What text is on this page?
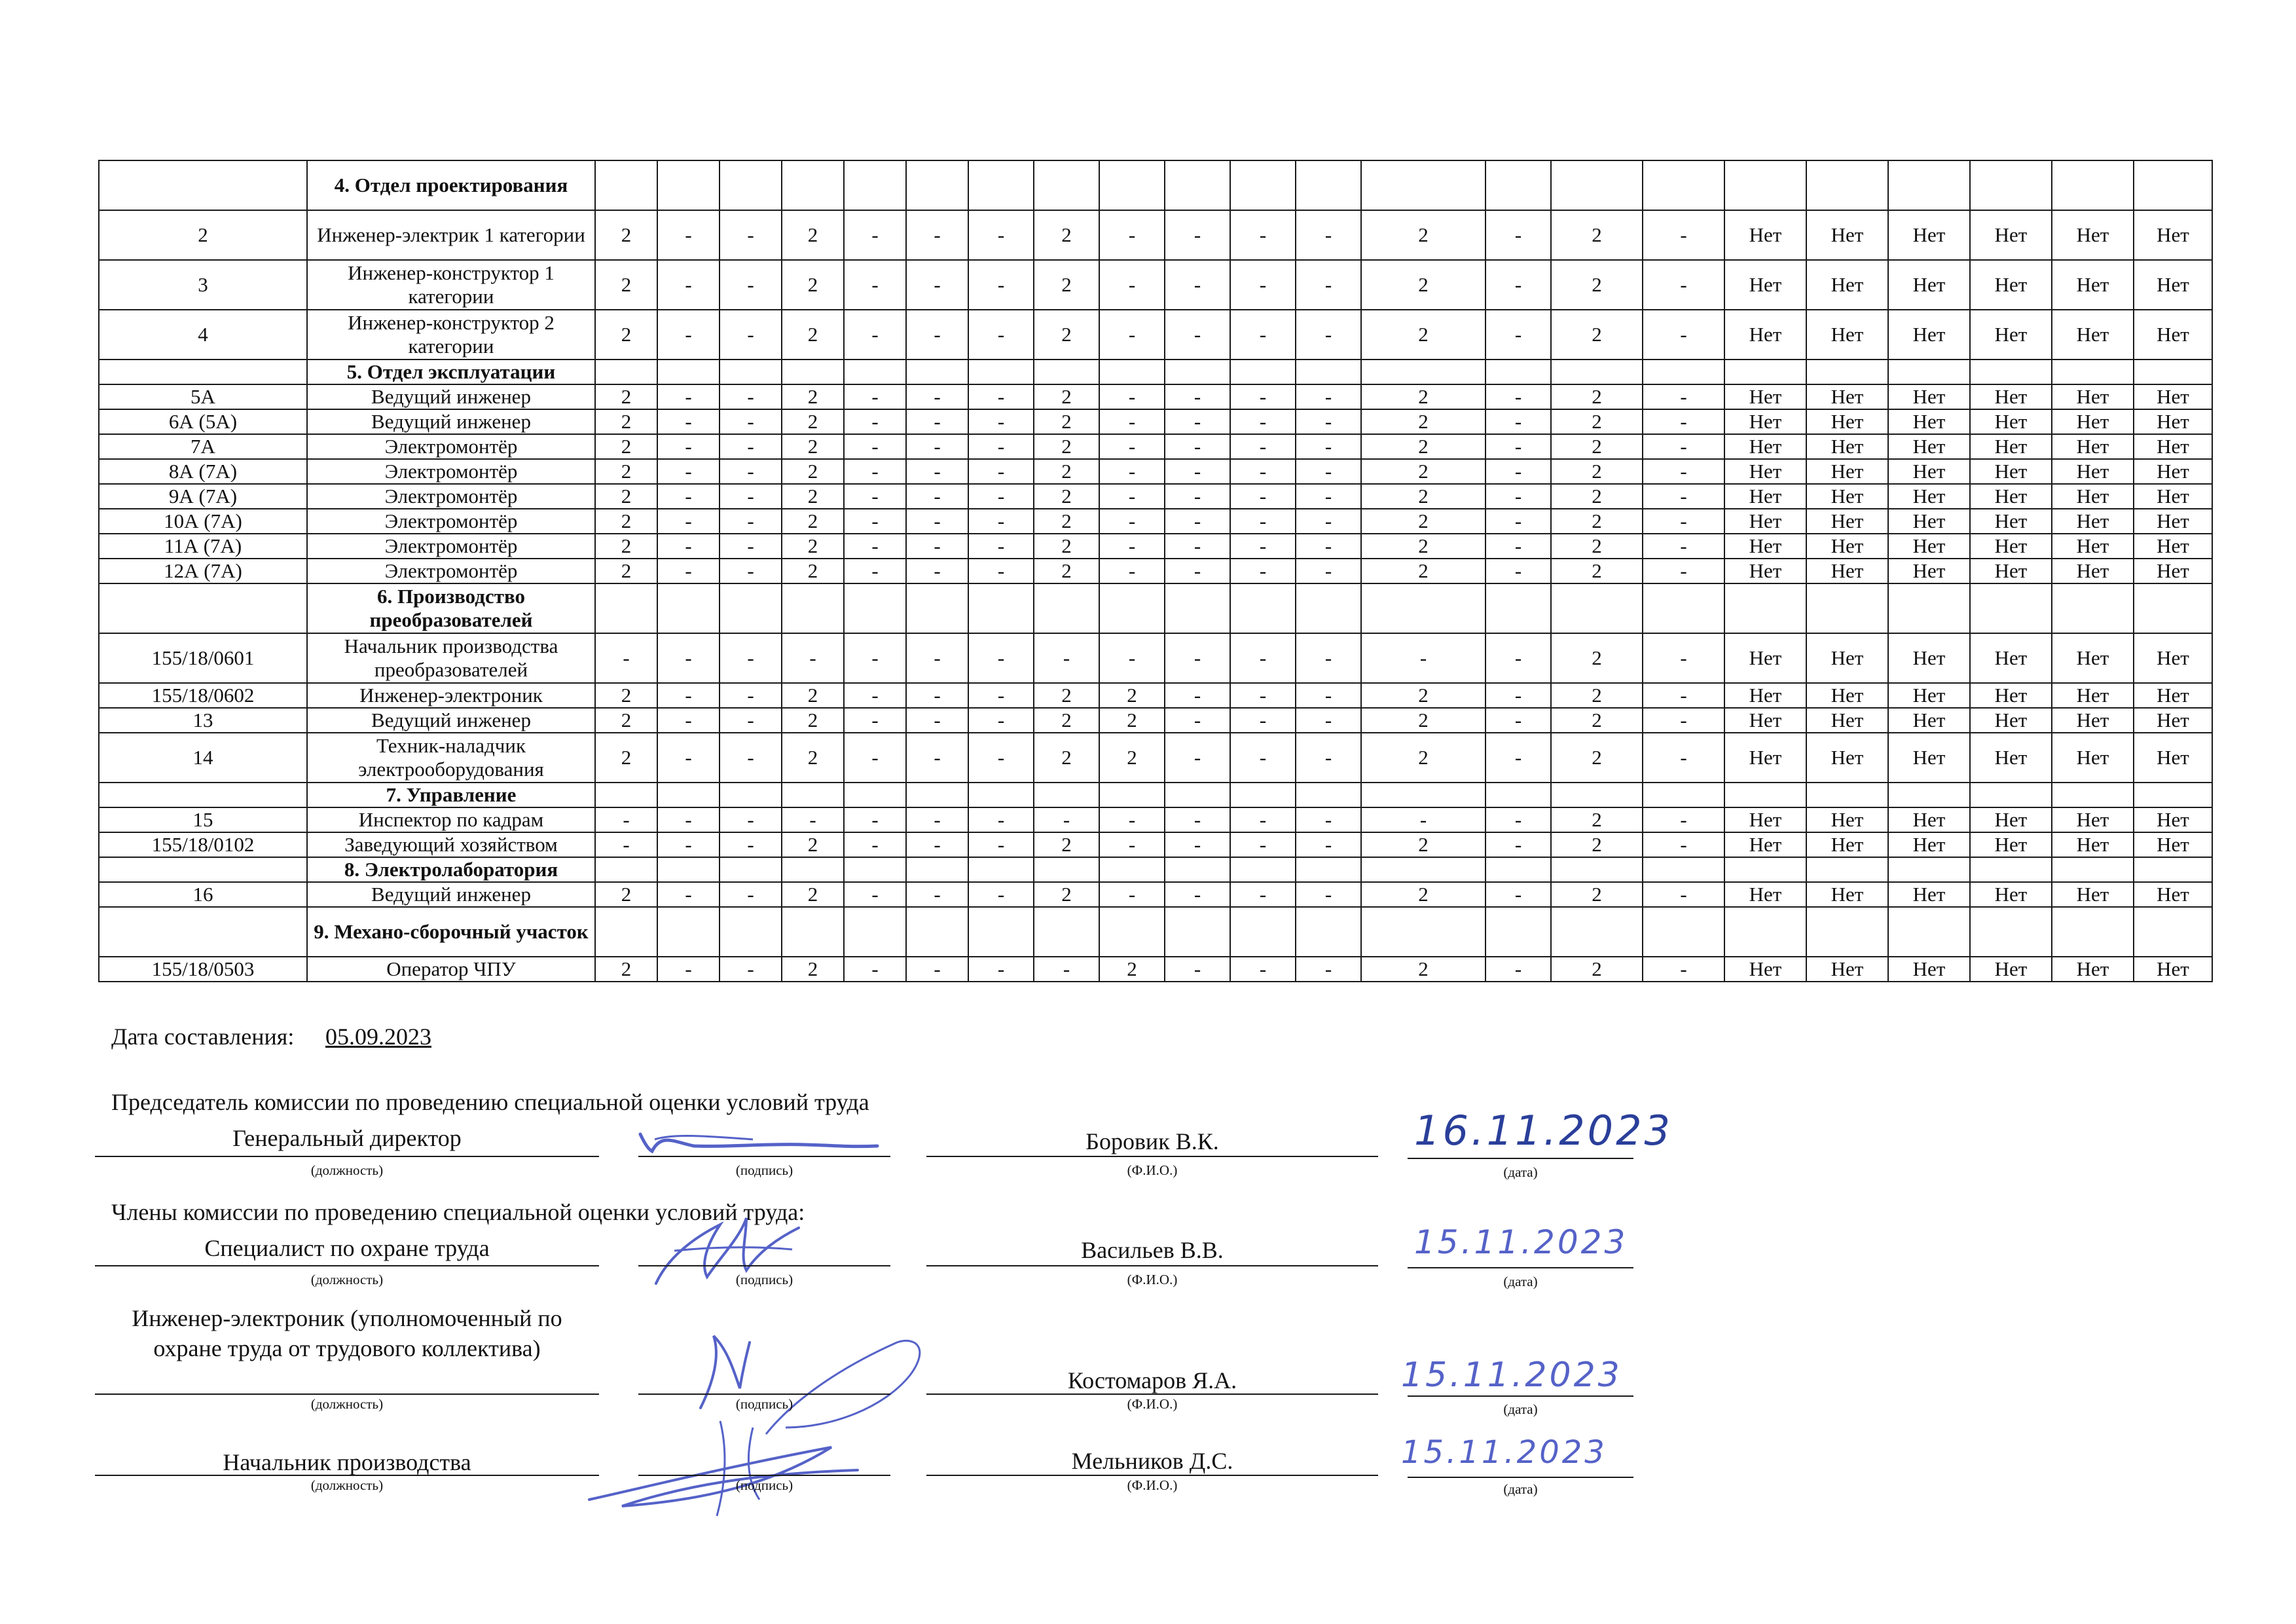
	4. Отдел проектирования																						
2	Инженер-электрик 1 категории	2	-	-	2	-	-	-	2	-	-	-	-	2	-	2	-	Нет	Нет	Нет	Нет	Нет	Нет
3	Инженер-конструктор 1 категории	2	-	-	2	-	-	-	2	-	-	-	-	2	-	2	-	Нет	Нет	Нет	Нет	Нет	Нет
4	Инженер-конструктор 2 категории	2	-	-	2	-	-	-	2	-	-	-	-	2	-	2	-	Нет	Нет	Нет	Нет	Нет	Нет
	5. Отдел эксплуатации																						
5А	Ведущий инженер	2	-	-	2	-	-	-	2	-	-	-	-	2	-	2	-	Нет	Нет	Нет	Нет	Нет	Нет
6А (5А)	Ведущий инженер	2	-	-	2	-	-	-	2	-	-	-	-	2	-	2	-	Нет	Нет	Нет	Нет	Нет	Нет
7А	Электромонтёр	2	-	-	2	-	-	-	2	-	-	-	-	2	-	2	-	Нет	Нет	Нет	Нет	Нет	Нет
8А (7А)	Электромонтёр	2	-	-	2	-	-	-	2	-	-	-	-	2	-	2	-	Нет	Нет	Нет	Нет	Нет	Нет
9А (7А)	Электромонтёр	2	-	-	2	-	-	-	2	-	-	-	-	2	-	2	-	Нет	Нет	Нет	Нет	Нет	Нет
10А (7А)	Электромонтёр	2	-	-	2	-	-	-	2	-	-	-	-	2	-	2	-	Нет	Нет	Нет	Нет	Нет	Нет
11А (7А)	Электромонтёр	2	-	-	2	-	-	-	2	-	-	-	-	2	-	2	-	Нет	Нет	Нет	Нет	Нет	Нет
12А (7А)	Электромонтёр	2	-	-	2	-	-	-	2	-	-	-	-	2	-	2	-	Нет	Нет	Нет	Нет	Нет	Нет
	6. Производство преобразователей																						
155/18/0601	Начальник производства преобразователей	-	-	-	-	-	-	-	-	-	-	-	-	-	-	2	-	Нет	Нет	Нет	Нет	Нет	Нет
155/18/0602	Инженер-электроник	2	-	-	2	-	-	-	2	2	-	-	-	2	-	2	-	Нет	Нет	Нет	Нет	Нет	Нет
13	Ведущий инженер	2	-	-	2	-	-	-	2	2	-	-	-	2	-	2	-	Нет	Нет	Нет	Нет	Нет	Нет
14	Техник-наладчик электрооборудования	2	-	-	2	-	-	-	2	2	-	-	-	2	-	2	-	Нет	Нет	Нет	Нет	Нет	Нет
	7. Управление																						
15	Инспектор по кадрам	-	-	-	-	-	-	-	-	-	-	-	-	-	-	2	-	Нет	Нет	Нет	Нет	Нет	Нет
155/18/0102	Заведующий хозяйством	-	-	-	2	-	-	-	2	-	-	-	-	2	-	2	-	Нет	Нет	Нет	Нет	Нет	Нет
	8. Электролаборатория																						
16	Ведущий инженер	2	-	-	2	-	-	-	2	-	-	-	-	2	-	2	-	Нет	Нет	Нет	Нет	Нет	Нет
	9. Механо-сборочный участок																						
155/18/0503	Оператор ЧПУ	2	-	-	2	-	-	-	-	2	-	-	-	2	-	2	-	Нет	Нет	Нет	Нет	Нет	Нет
Дата составления: 05.09.2023
Председатель комиссии по проведению специальной оценки условий труда
Генеральный директор
(должность)	(подпись)
Боровик В.К.
(Ф.И.О.)
16.11.2023
(дата)
Члены комиссии по проведению специальной оценки условий труда:
Специалист по охране труда
(должность)	(подпись)
Васильев В.В.
(Ф.И.О.)
15.11.2023
(дата)
Инженер-электроник (уполномоченный по охране труда от трудового коллектива)
(должность)	(подпись)
Костомаров Я.А.
(Ф.И.О.)
15.11.2023
(дата)
Начальник производства
(должность)	(подпись)
Мельников Д.С.
(Ф.И.О.)
15.11.2023
(дата)
